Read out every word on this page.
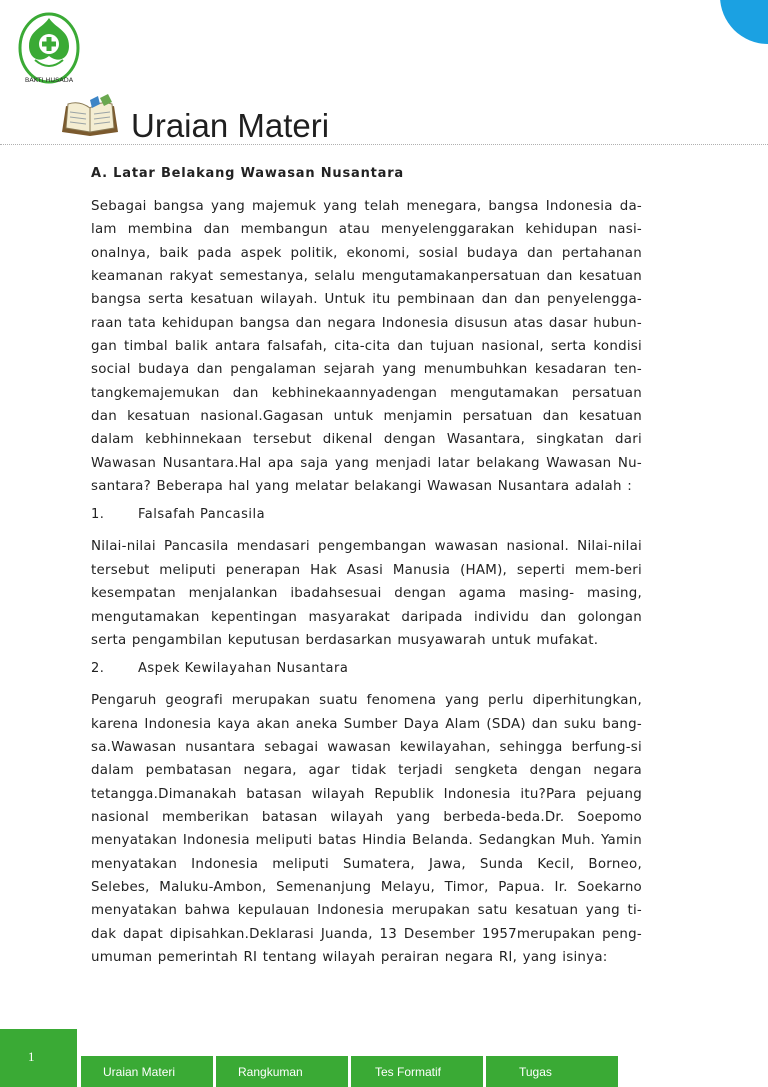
BAKTI HUSADA
Uraian Materi

A. Latar Belakang Wawasan Nusantara

Sebagai bangsa yang majemuk yang telah menegara, bangsa Indonesia da-lam membina dan membangun atau menyelenggarakan kehidupan nasi-onalnya, baik pada aspek politik, ekonomi, sosial budaya dan pertahanan keamanan rakyat semestanya, selalu mengutamakanpersatuan dan kesatuan bangsa serta kesatuan wilayah. Untuk itu pembinaan dan dan penyelengga-raan tata kehidupan bangsa dan negara Indonesia disusun atas dasar hubun-gan timbal balik antara falsafah, cita-cita dan tujuan nasional, serta kondisi social budaya dan pengalaman sejarah yang menumbuhkan kesadaran ten-tangkemajemukan dan kebhinekaannyadengan mengutamakan persatuan dan kesatuan nasional.Gagasan untuk menjamin persatuan dan kesatuan dalam kebhinnekaan tersebut dikenal dengan Wasantara, singkatan dari Wawasan Nusantara.Hal apa saja yang menjadi latar belakang Wawasan Nu-santara? Beberapa hal yang melatar belakangi Wawasan Nusantara adalah :

1.	Falsafah Pancasila

Nilai-nilai Pancasila mendasari pengembangan wawasan nasional. Nilai-nilai tersebut meliputi penerapan Hak Asasi Manusia (HAM), seperti mem-beri kesempatan menjalankan ibadahsesuai dengan agama masing- masing, mengutamakan kepentingan masyarakat daripada individu dan golongan serta pengambilan keputusan berdasarkan musyawarah untuk mufakat.

2.	Aspek Kewilayahan Nusantara

Pengaruh geografi merupakan suatu fenomena yang perlu diperhitungkan, karena Indonesia kaya akan aneka Sumber Daya Alam (SDA) dan suku bang-sa.Wawasan nusantara sebagai wawasan kewilayahan, sehingga berfung-si dalam pembatasan negara, agar tidak terjadi sengketa dengan negara tetangga.Dimanakah batasan wilayah Republik Indonesia itu?Para pejuang nasional memberikan batasan wilayah yang berbeda-beda.Dr. Soepomo menyatakan Indonesia meliputi batas Hindia Belanda. Sedangkan Muh. Yamin menyatakan Indonesia meliputi Sumatera, Jawa, Sunda Kecil, Borneo, Selebes, Maluku-Ambon, Semenanjung Melayu, Timor, Papua. Ir. Soekarno menyatakan bahwa kepulauan Indonesia merupakan satu kesatuan yang ti-dak dapat dipisahkan.Deklarasi Juanda, 13 Desember 1957merupakan peng-umuman pemerintah RI tentang wilayah perairan negara RI, yang isinya:

1
Uraian Materi	Rangkuman	Tes Formatif	Tugas
